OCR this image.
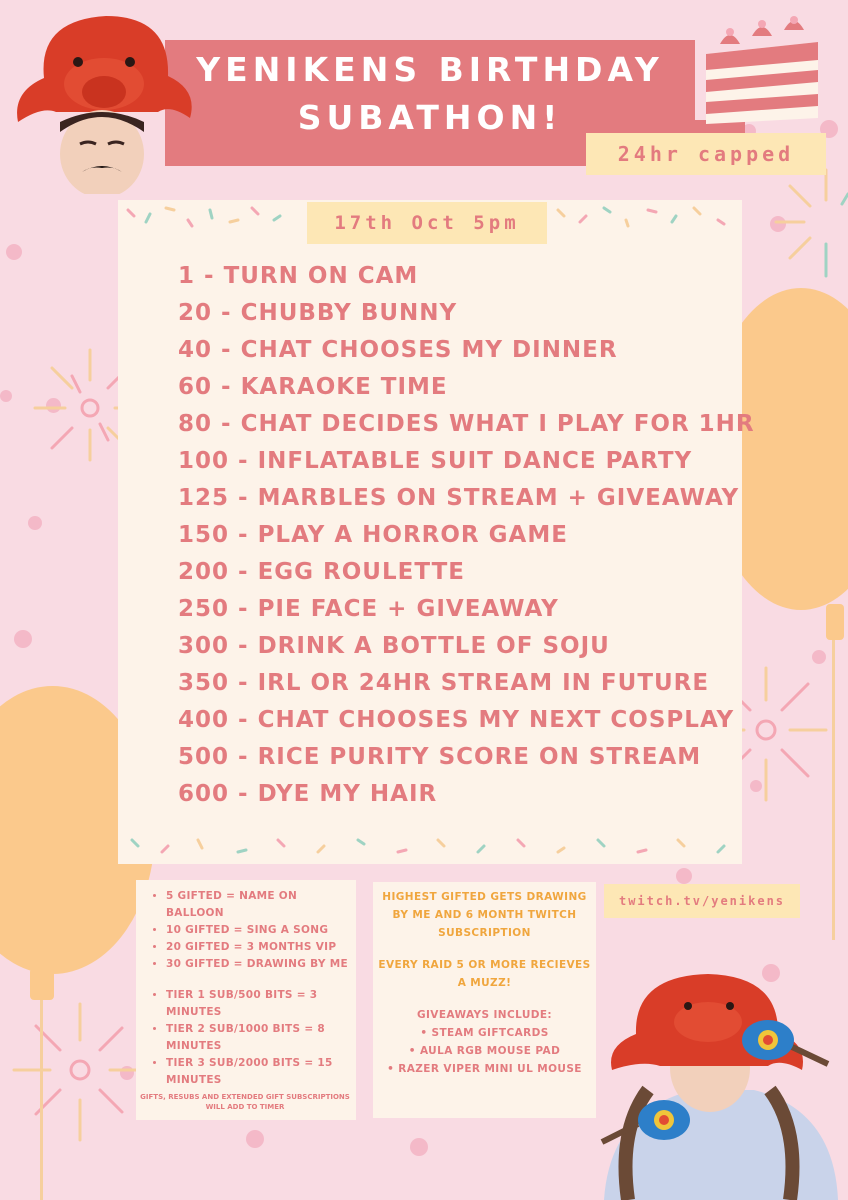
YENIKENS BIRTHDAY
SUBATHON!
24hr capped
17th Oct 5pm
1 - TURN ON CAM
20 - CHUBBY BUNNY
40 - CHAT CHOOSES MY DINNER
60 - KARAOKE TIME
80 - CHAT DECIDES WHAT I PLAY FOR 1HR
100 - INFLATABLE SUIT DANCE PARTY
125 - MARBLES ON STREAM + GIVEAWAY
150 - PLAY A HORROR GAME
200 - EGG ROULETTE
250 - PIE FACE + GIVEAWAY
300 - DRINK A BOTTLE OF SOJU
350 - IRL OR 24HR STREAM IN FUTURE
400 - CHAT CHOOSES MY NEXT COSPLAY
500 - RICE PURITY SCORE ON STREAM
600 - DYE MY HAIR
• 5 GIFTED = NAME ON BALLOON
• 10 GIFTED = SING A SONG
• 20 GIFTED = 3 MONTHS VIP
• 30 GIFTED = DRAWING BY ME
• TIER 1 SUB/500 BITS = 3 MINUTES
• TIER 2 SUB/1000 BITS = 8 MINUTES
• TIER 3 SUB/2000 BITS = 15 MINUTES
GIFTS, RESUBS AND EXTENDED GIFT SUBSCRIPTIONS WILL ADD TO TIMER

HIGHEST GIFTED GETS DRAWING BY ME AND 6 MONTH TWITCH SUBSCRIPTION

EVERY RAID 5 OR MORE RECIEVES A MUZZ!

GIVEAWAYS INCLUDE:

• STEAM GIFTCARDS

• AULA RGB MOUSE PAD

• RAZER VIPER MINI UL MOUSE

twitch.tv/yenikens
